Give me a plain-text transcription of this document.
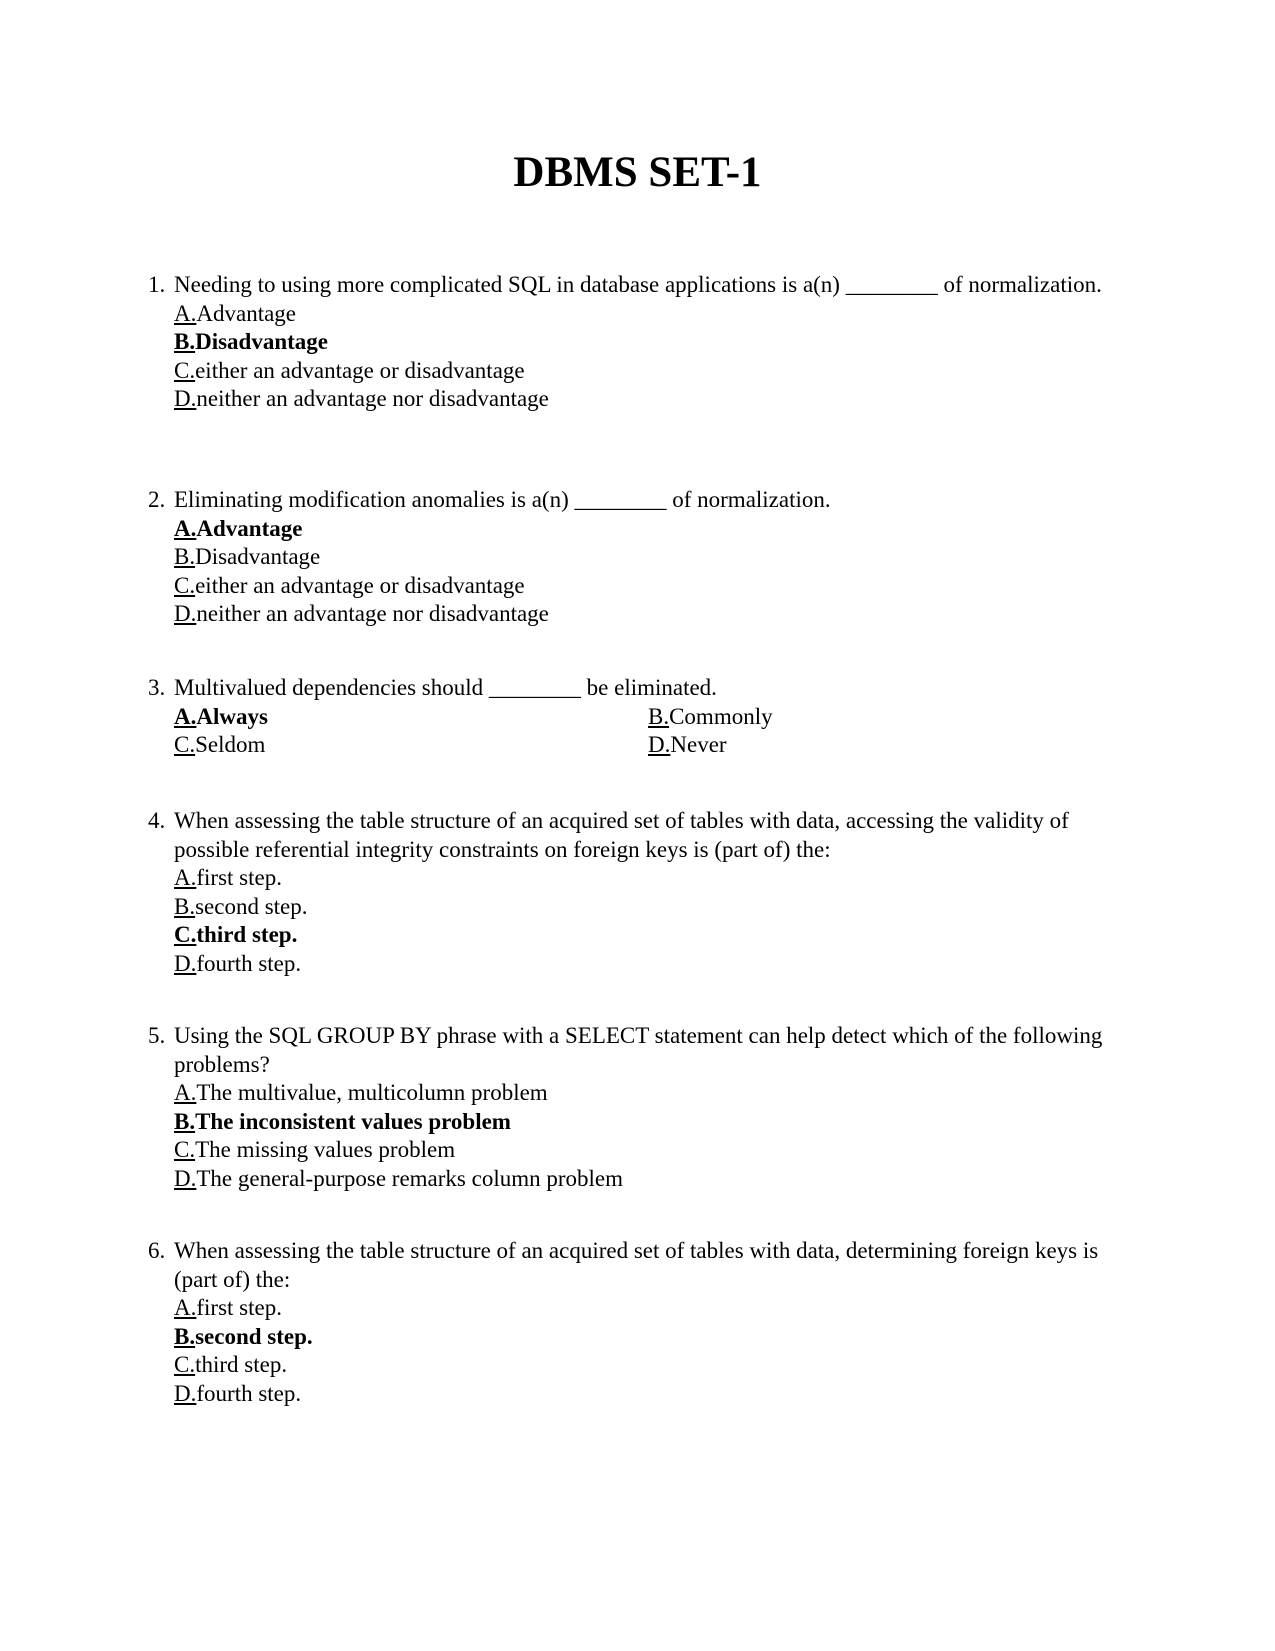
DBMS SET-1
1. Needing to using more complicated SQL in database applications is a(n) ________ of normalization.
A.Advantage
B.Disadvantage
C.either an advantage or disadvantage
D.neither an advantage nor disadvantage
2. Eliminating modification anomalies is a(n) ________ of normalization.
A.Advantage
B.Disadvantage
C.either an advantage or disadvantage
D.neither an advantage nor disadvantage
3. Multivalued dependencies should ________ be eliminated.
A.Always	B.Commonly
C.Seldom	D.Never
4. When assessing the table structure of an acquired set of tables with data, accessing the validity of possible referential integrity constraints on foreign keys is (part of) the:
A.first step.
B.second step.
C.third step.
D.fourth step.
5. Using the SQL GROUP BY phrase with a SELECT statement can help detect which of the following problems?
A.The multivalue, multicolumn problem
B.The inconsistent values problem
C.The missing values problem
D.The general-purpose remarks column problem
6. When assessing the table structure of an acquired set of tables with data, determining foreign keys is (part of) the:
A.first step.
B.second step.
C.third step.
D.fourth step.
